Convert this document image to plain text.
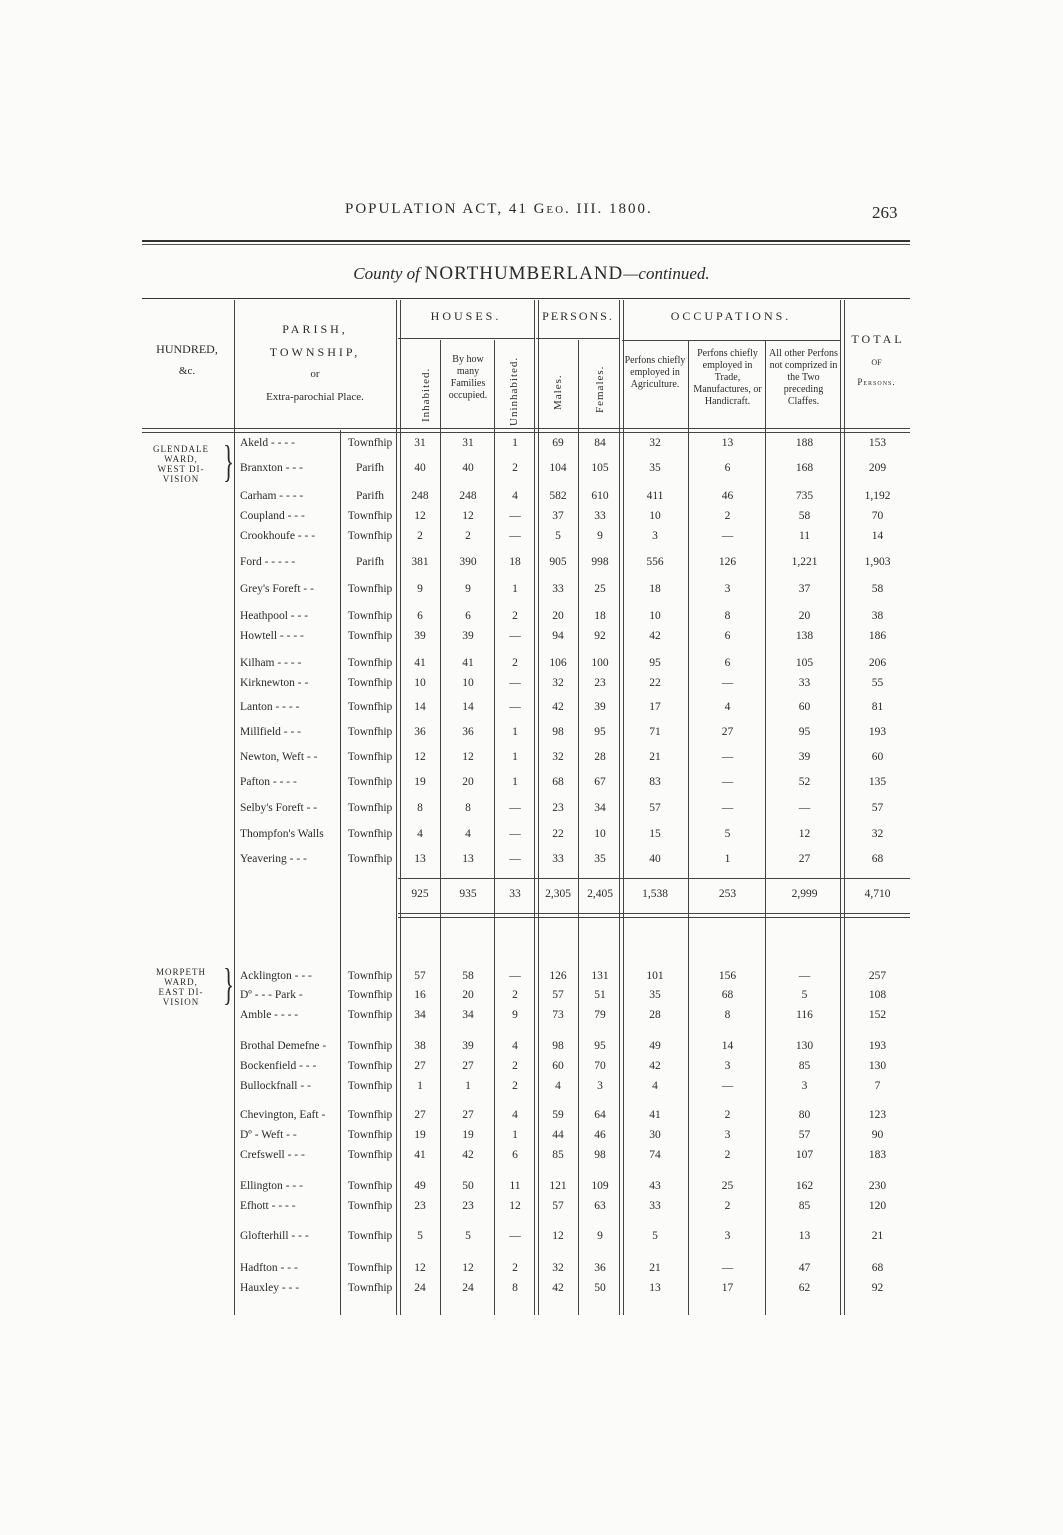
POPULATION ACT, 41 Geo. III. 1800.	263
County of NORTHUMBERLAND—continued.
HUNDRED,
&c.
PARISH,
TOWNSHIP,
or
Extra-parochial Place.
HOUSES.
Inhabited.
By how many Families occupied.	Uninhabited.
PERSONS.
Males.	Females.
OCCUPATIONS.
Perfons chiefly employed in Agriculture.
Perfons chiefly employed in Trade, Manufactures, or Handicraft.
All other Perfons not comprized in the Two preceding Claffes.
TOTAL
OF
Persons.
GLENDALE
WARD,
WEST DI-
VISION } Akeld - - - -	Townfhip	31	31	1	69	84	32	13	188	153
Branxton - - -	Parifh	40	40	2	104	105	35	6	168	209
Carham - - - -	Parifh	248	248	4	582	610	411	46	735	1,192
Coupland - - -	Townfhip	12	12	—	37	33	10	2	58	70
Crookhoufe - - -	Townfhip	2	2	—	5	9	3	—	11	14
Ford - - - - -	Parifh	381	390	18	905	998	556	126	1,221	1,903
Grey's Foreft - -	Townfhip	9	9	1	33	25	18	3	37	58
Heathpool - - -	Townfhip	6	6	2	20	18	10	8	20	38
Howtell - - - -	Townfhip	39	39	—	94	92	42	6	138	186
Kilham - - - -	Townfhip	41	41	2	106	100	95	6	105	206
Kirknewton - -	Townfhip	10	10	—	32	23	22	—	33	55
Lanton - - - -	Townfhip	14	14	—	42	39	17	4	60	81
Millfield - - -	Townfhip	36	36	1	98	95	71	27	95	193
Newton, Weft - -	Townfhip	12	12	1	32	28	21	—	39	60
Pafton - - - -	Townfhip	19	20	1	68	67	83	—	52	135
Selby's Foreft - -	Townfhip	8	8	—	23	34	57	—	—	57
Thompfon's Walls	Townfhip	4	4	—	22	10	15	5	12	32
Yeavering - - -	Townfhip	13	13	—	33	35	40	1	27	68
925	935	33	2,305	2,405	1,538	253	2,999	4,710
MORPETH
WARD,
EAST DI-
VISION } Acklington - - -	Townfhip	57	58	—	126	131	101	156	—	257
Dº - - - Park -	Townfhip	16	20	2	57	51	35	68	5	108
Amble - - - -	Townfhip	34	34	9	73	79	28	8	116	152
Brothal Demefne -	Townfhip	38	39	4	98	95	49	14	130	193
Bockenfield - - -	Townfhip	27	27	2	60	70	42	3	85	130
Bullockfnall - -	Townfhip	1	1	2	4	3	4	—	3	7
Chevington, Eaft -	Townfhip	27	27	4	59	64	41	2	80	123
Dº - Weft - -	Townfhip	19	19	1	44	46	30	3	57	90
Crefswell - - -	Townfhip	41	42	6	85	98	74	2	107	183
Ellington - - -	Townfhip	49	50	11	121	109	43	25	162	230
Efhott - - - -	Townfhip	23	23	12	57	63	33	2	85	120
Glofterhill - - -	Townfhip	5	5	—	12	9	5	3	13	21
Hadfton - - -	Townfhip	12	12	2	32	36	21	—	47	68
Hauxley - - -	Townfhip	24	24	8	42	50	13	17	62	92
